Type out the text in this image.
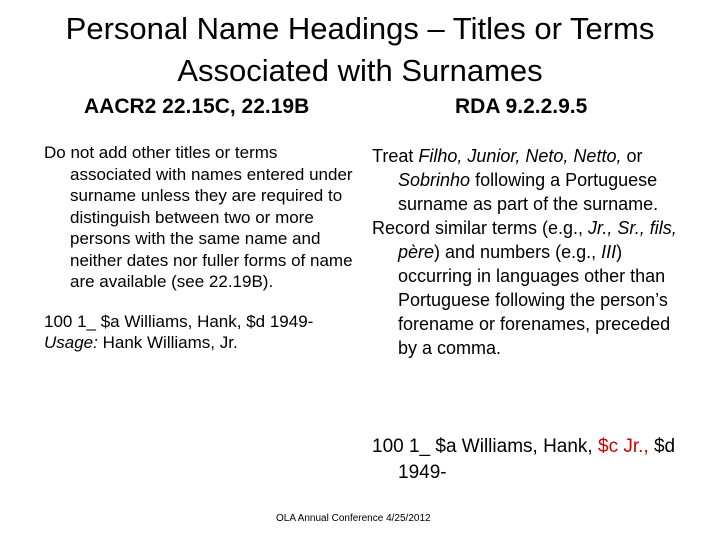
Personal Name Headings – Titles or Terms
Associated with Surnames
AACR2 22.15C, 22.19B	RDA 9.2.2.9.5

Do not add other titles or terms associated with names entered under surname unless they are required to distinguish between two or more persons with the same name and neither dates nor fuller forms of name are available (see 22.19B).

100 1_ $a Williams, Hank, $d 1949-
Usage: Hank Williams, Jr.

Treat Filho, Junior, Neto, Netto, or Sobrinho following a Portuguese surname as part of the surname.

Record similar terms (e.g., Jr., Sr., fils, père) and numbers (e.g., III) occurring in languages other than Portuguese following the person’s forename or forenames, preceded by a comma.

100 1_ $a Williams, Hank, $c Jr., $d 1949-
OLA Annual Conference 4/25/2012
